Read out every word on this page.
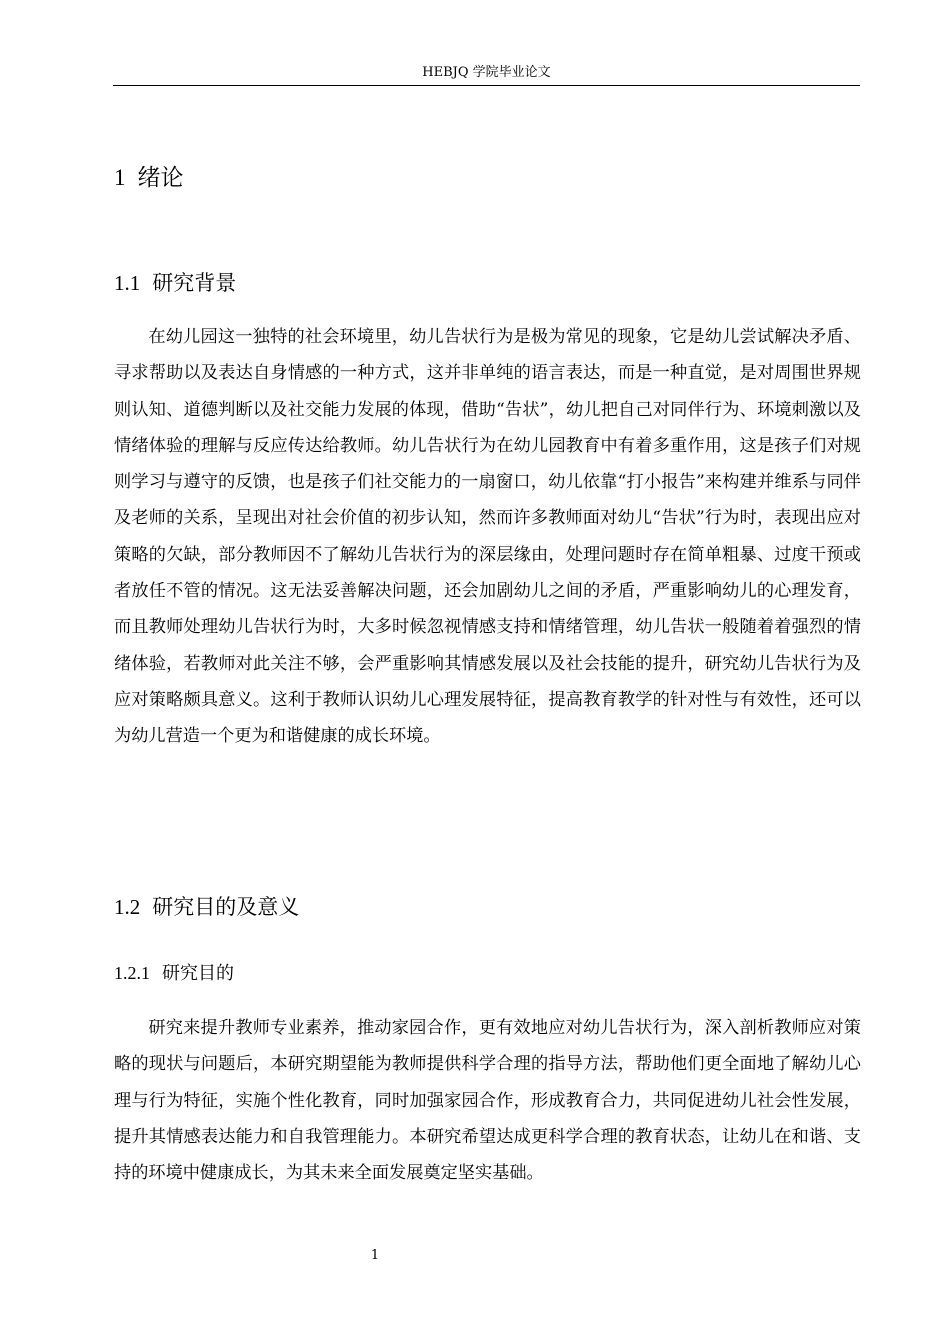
HEBJQ 学院毕业论文
1 绪论
1.1 研究背景

在幼儿园这一独特的社会环境里，幼儿告状行为是极为常见的现象，它是幼儿尝试解决矛盾、寻求帮助以及表达自身情感的一种方式，这并非单纯的语言表达，而是一种直觉，是对周围世界规则认知、道德判断以及社交能力发展的体现，借助“告状”，幼儿把自己对同伴行为、环境刺激以及情绪体验的理解与反应传达给教师。幼儿告状行为在幼儿园教育中有着多重作用，这是孩子们对规则学习与遵守的反馈，也是孩子们社交能力的一扇窗口，幼儿依靠“打小报告”来构建并维系与同伴及老师的关系，呈现出对社会价值的初步认知，然而许多教师面对幼儿“告状”行为时，表现出应对策略的欠缺，部分教师因不了解幼儿告状行为的深层缘由，处理问题时存在简单粗暴、过度干预或者放任不管的情况。这无法妥善解决问题，还会加剧幼儿之间的矛盾，严重影响幼儿的心理发育，而且教师处理幼儿告状行为时，大多时候忽视情感支持和情绪管理，幼儿告状一般随着着强烈的情绪体验，若教师对此关注不够，会严重影响其情感发展以及社会技能的提升，研究幼儿告状行为及应对策略颇具意义。这利于教师认识幼儿心理发展特征，提高教育教学的针对性与有效性，还可以为幼儿营造一个更为和谐健康的成长环境。

1.2 研究目的及意义
1.2.1 研究目的

研究来提升教师专业素养，推动家园合作，更有效地应对幼儿告状行为，深入剖析教师应对策略的现状与问题后，本研究期望能为教师提供科学合理的指导方法，帮助他们更全面地了解幼儿心理与行为特征，实施个性化教育，同时加强家园合作，形成教育合力，共同促进幼儿社会性发展，提升其情感表达能力和自我管理能力。本研究希望达成更科学合理的教育状态，让幼儿在和谐、支持的环境中健康成长，为其未来全面发展奠定坚实基础。

1
